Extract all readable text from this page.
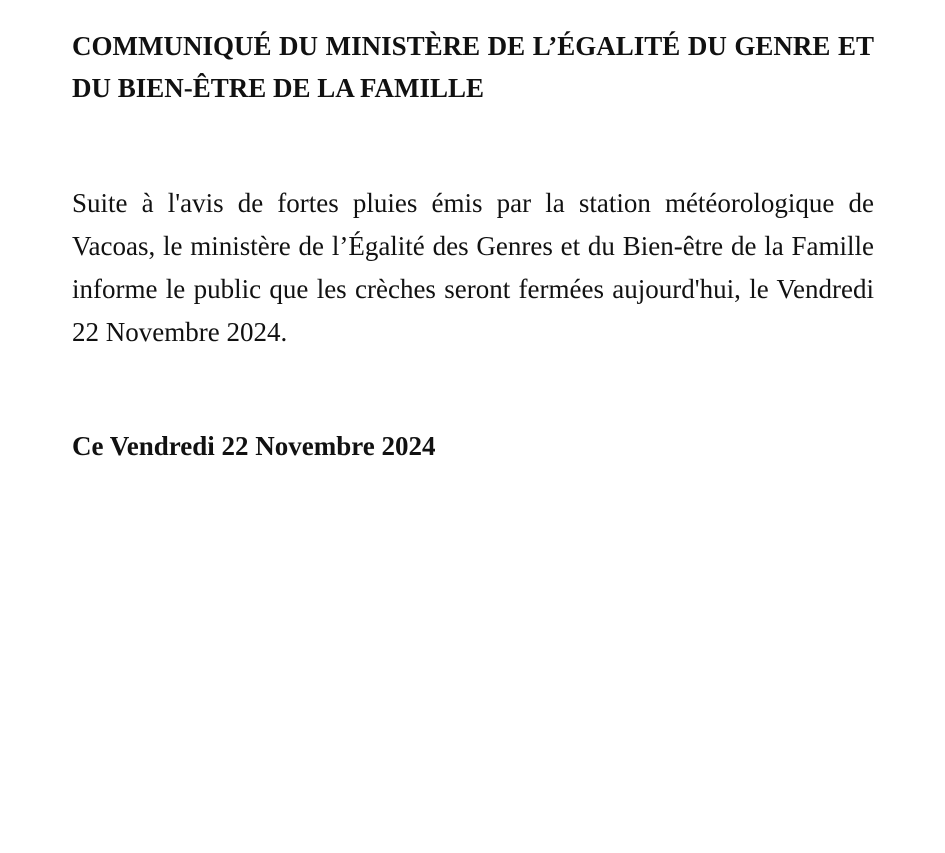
COMMUNIQUÉ DU MINISTÈRE DE L’ÉGALITÉ DU GENRE ET DU BIEN-ÊTRE DE LA FAMILLE

Suite à l'avis de fortes pluies émis par la station météorologique de Vacoas, le ministère de l’Égalité des Genres et du Bien-être de la Famille informe le public que les crèches seront fermées aujourd'hui, le Vendredi 22 Novembre 2024.

Ce Vendredi 22 Novembre 2024
